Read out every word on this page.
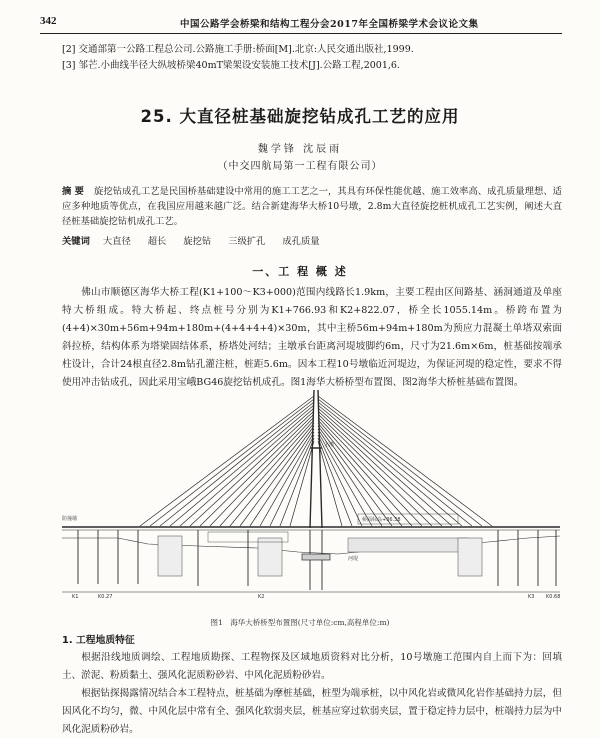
342	中国公路学会桥梁和结构工程分会2017年全国桥梁学术会议论文集
[2] 交通部第一公路工程总公司.公路施工手册:桥面[M].北京:人民交通出版社,1999.
[3] 邹芒.小曲线半径大纵坡桥梁40mT梁架设安装施工技术[J].公路工程,2001,6.
25. 大直径桩基础旋挖钻成孔工艺的应用
魏学锋 沈辰雨
（中交四航局第一工程有限公司）
摘 要 旋挖钻成孔工艺是民国桥基础建设中常用的施工工艺之一，其具有环保性能优越、施工效率高、成孔质量理想、适应多种地质等优点，在我国应用越来越广泛。结合新建海华大桥10号墩，2.8m大直径旋挖桩机成孔工艺实例，阐述大直径桩基础旋挖钻机成孔工艺。
关键词 大直径 超长 旋挖钻 三级扩孔 成孔质量
一、工 程 概 述
佛山市顺德区海华大桥工程(K1+100～K3+000)范围内线路长1.9km，主要工程由区间路基、涵洞通道及单座特大桥组成。特大桥起、终点桩号分别为K1+766.93和K2+822.07，桥全长1055.14m。桥跨布置为(4+4)×30m+56m+94m+180m+(4+4+4+4)×30m，其中主桥56m+94m+180m为预应力混凝土单塔双索面斜拉桥，结构体系为塔梁固结体系，桥塔处河结；主墩承台距离河堤坡脚约6m，尺寸为21.6m×6m，桩基础按端承柱设计，合计24根直径2.8m钻孔灌注桩，桩距5.6m。因本工程10号墩临近河堤边，为保证河堤的稳定性，要求不得使用冲击钻成孔，因此采用宝峨BG46旋挖钻机成孔。图1海华大桥桥型布置图、图2海华大桥桩基础布置图。
防撞墙
K1	K0.27	K2
河堤
主塔
桥面标高+36.38
K3 K0.68
图1　海华大桥桥型布置图(尺寸单位:cm,高程单位:m)
1. 工程地质特征
根据沿线地质调绘、工程地质勘探、工程物探及区域地质资料对比分析，10号墩施工范围内自上而下为：回填土、淤泥、粉质黏土、强风化泥质粉砂岩、中风化泥质粉砂岩。
根据钻探揭露情况结合本工程特点，桩基础为摩桩基础，桩型为端承桩，以中风化岩或微风化岩作基础持力层，但因风化不均匀，微、中风化层中常有全、强风化软弱夹层，桩基应穿过软弱夹层，置于稳定持力层中，桩端持力层为中风化泥质粉砂岩。
